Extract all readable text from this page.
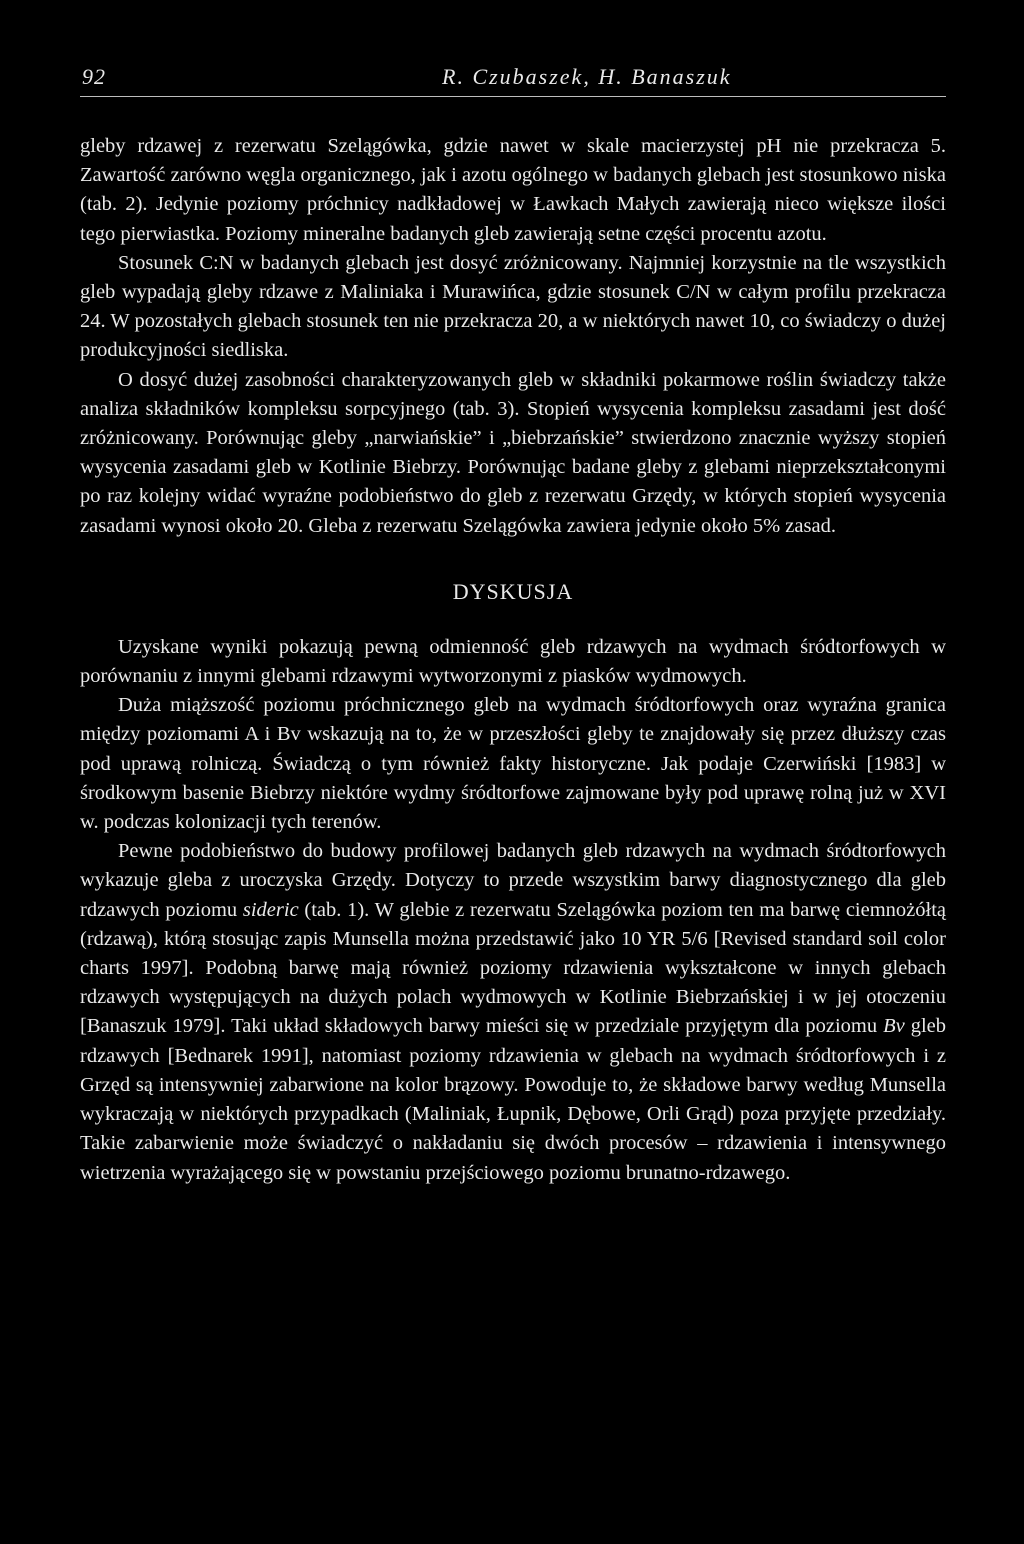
92	R. Czubaszek, H. Banaszuk

gleby rdzawej z rezerwatu Szelągówka, gdzie nawet w skale macierzystej pH nie przekracza 5. Zawartość zarówno węgla organicznego, jak i azotu ogólnego w badanych glebach jest stosunkowo niska (tab. 2). Jedynie poziomy próchnicy nadkładowej w Ławkach Małych zawierają nieco większe ilości tego pierwiastka. Poziomy mineralne badanych gleb zawierają setne części procentu azotu.

Stosunek C:N w badanych glebach jest dosyć zróżnicowany. Najmniej korzystnie na tle wszystkich gleb wypadają gleby rdzawe z Maliniaka i Murawińca, gdzie stosunek C/N w całym profilu przekracza 24. W pozostałych glebach stosunek ten nie przekracza 20, a w niektórych nawet 10, co świadczy o dużej produkcyjności siedliska.

O dosyć dużej zasobności charakteryzowanych gleb w składniki pokarmowe roślin świadczy także analiza składników kompleksu sorpcyjnego (tab. 3). Stopień wysycenia kompleksu zasadami jest dość zróżnicowany. Porównując gleby „narwiańskie” i „biebrzańskie” stwierdzono znacznie wyższy stopień wysycenia zasadami gleb w Kotlinie Biebrzy. Porównując badane gleby z glebami nieprzekształconymi po raz kolejny widać wyraźne podobieństwo do gleb z rezerwatu Grzędy, w których stopień wysycenia zasadami wynosi około 20. Gleba z rezerwatu Szelągówka zawiera jedynie około 5% zasad.

DYSKUSJA

Uzyskane wyniki pokazują pewną odmienność gleb rdzawych na wydmach śródtorfowych w porównaniu z innymi glebami rdzawymi wytworzonymi z piasków wydmowych.

Duża miąższość poziomu próchnicznego gleb na wydmach śródtorfowych oraz wyraźna granica między poziomami A i Bv wskazują na to, że w przeszłości gleby te znajdowały się przez dłuższy czas pod uprawą rolniczą. Świadczą o tym również fakty historyczne. Jak podaje Czerwiński [1983] w środkowym basenie Biebrzy niektóre wydmy śródtorfowe zajmowane były pod uprawę rolną już w XVI w. podczas kolonizacji tych terenów.

Pewne podobieństwo do budowy profilowej badanych gleb rdzawych na wydmach śródtorfowych wykazuje gleba z uroczyska Grzędy. Dotyczy to przede wszystkim barwy diagnostycznego dla gleb rdzawych poziomu sideric (tab. 1). W glebie z rezerwatu Szelągówka poziom ten ma barwę ciemnożółtą (rdzawą), którą stosując zapis Munsella można przedstawić jako 10 YR 5/6 [Revised standard soil color charts 1997]. Podobną barwę mają również poziomy rdzawienia wykształcone w innych glebach rdzawych występujących na dużych polach wydmowych w Kotlinie Biebrzańskiej i w jej otoczeniu [Banaszuk 1979]. Taki układ składowych barwy mieści się w przedziale przyjętym dla poziomu Bv gleb rdzawych [Bednarek 1991], natomiast poziomy rdzawienia w glebach na wydmach śródtorfowych i z Grzęd są intensywniej zabarwione na kolor brązowy. Powoduje to, że składowe barwy według Munsella wykraczają w niektórych przypadkach (Maliniak, Łupnik, Dębowe, Orli Grąd) poza przyjęte przedziały. Takie zabarwienie może świadczyć o nakładaniu się dwóch procesów – rdzawienia i intensywnego wietrzenia wyrażającego się w powstaniu przejściowego poziomu brunatno-rdzawego.
